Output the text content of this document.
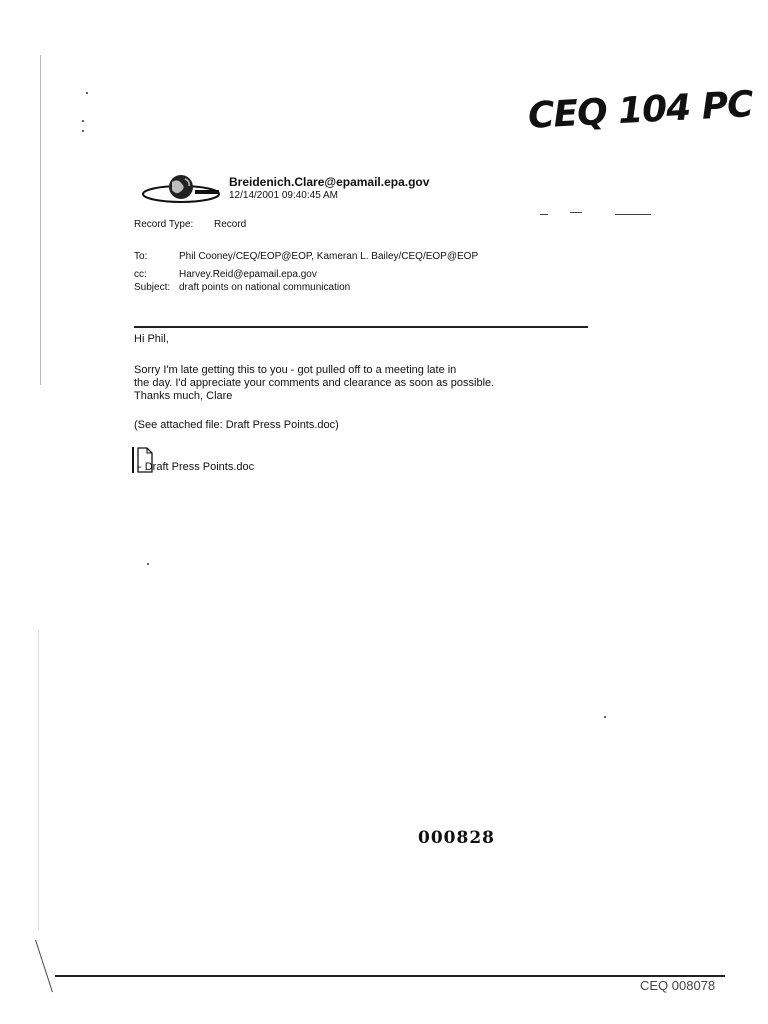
CEQ 104 PC
Breidenich.Clare@epamail.epa.gov
12/14/2001 09:40:45 AM
Record Type: Record
To:	Phil Cooney/CEQ/EOP@EOP, Kameran L. Bailey/CEQ/EOP@EOP
cc:	Harvey.Reid@epamail.epa.gov
Subject: draft points on national communication
Hi Phil,
Sorry I'm late getting this to you - got pulled off to a meeting late in
the day. I'd appreciate your comments and clearance as soon as possible.
Thanks much, Clare
(See attached file: Draft Press Points.doc)
- Draft Press Points.doc
000828
CEQ 008078
